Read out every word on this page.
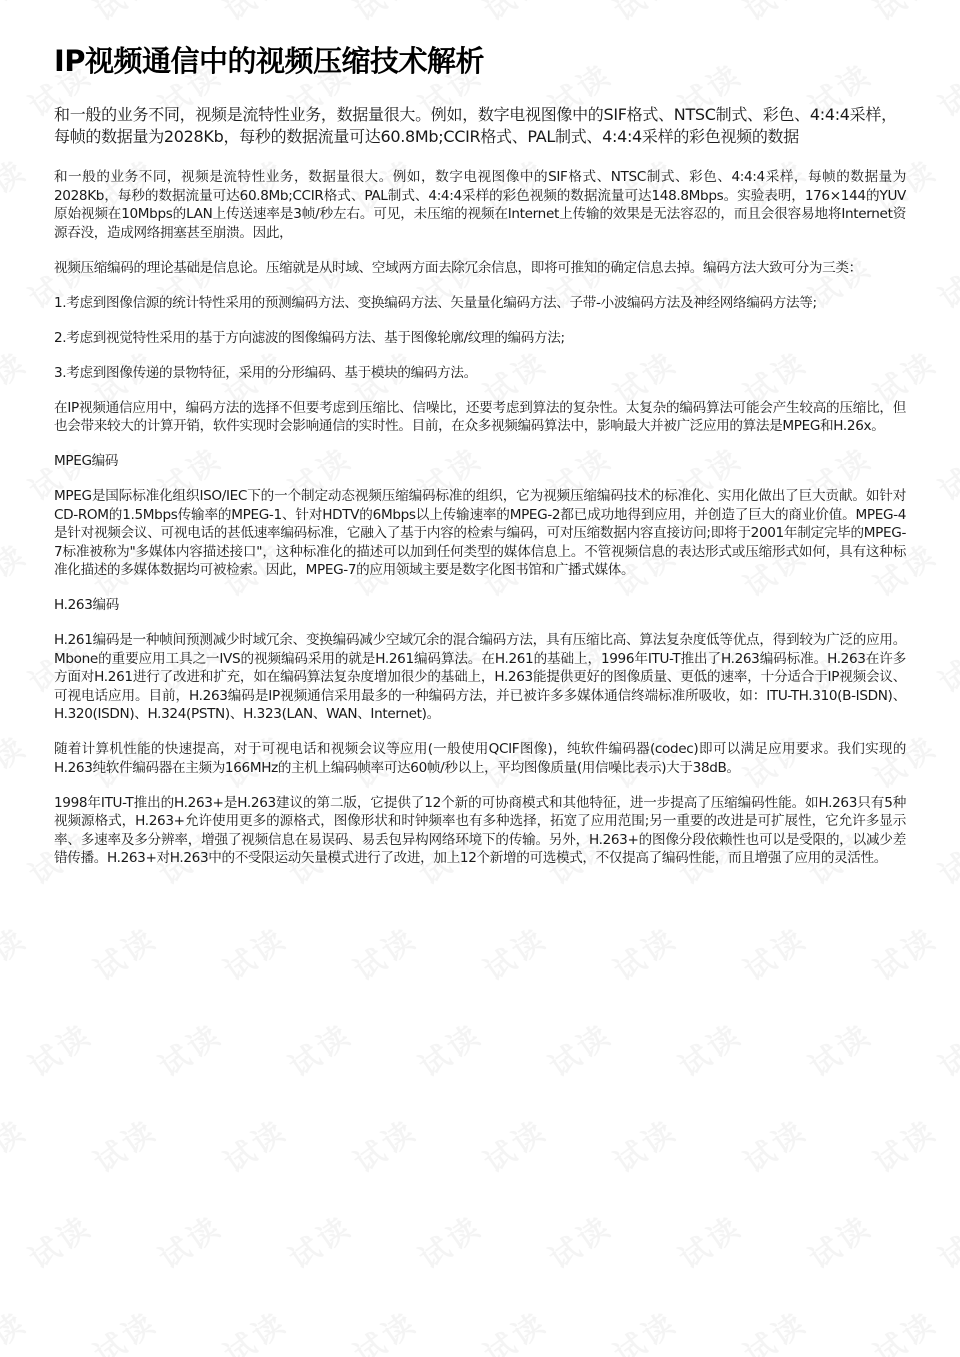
IP视频通信中的视频压缩技术解析

和一般的业务不同，视频是流特性业务，数据量很大。例如，数字电视图像中的SIF格式、NTSC制式、彩色、4:4:4采样，每帧的数据量为2028Kb，每秒的数据流量可达60.8Mb;CCIR格式、PAL制式、4:4:4采样的彩色视频的数据

和一般的业务不同，视频是流特性业务，数据量很大。例如，数字电视图像中的SIF格式、NTSC制式、彩色、4:4:4采样，每帧的数据量为2028Kb，每秒的数据流量可达60.8Mb;CCIR格式、PAL制式、4:4:4采样的彩色视频的数据流量可达148.8Mbps。实验表明，176×144的YUV原始视频在10Mbps的LAN上传送速率是3帧/秒左右。可见，未压缩的视频在Internet上传输的效果是无法容忍的，而且会很容易地将Internet资源吞没，造成网络拥塞甚至崩溃。因此，

视频压缩编码的理论基础是信息论。压缩就是从时域、空域两方面去除冗余信息，即将可推知的确定信息去掉。编码方法大致可分为三类：

1.考虑到图像信源的统计特性采用的预测编码方法、变换编码方法、矢量量化编码方法、子带-小波编码方法及神经网络编码方法等;

2.考虑到视觉特性采用的基于方向滤波的图像编码方法、基于图像轮廓/纹理的编码方法;

3.考虑到图像传递的景物特征，采用的分形编码、基于模块的编码方法。

在IP视频通信应用中，编码方法的选择不但要考虑到压缩比、信噪比，还要考虑到算法的复杂性。太复杂的编码算法可能会产生较高的压缩比，但也会带来较大的计算开销，软件实现时会影响通信的实时性。目前，在众多视频编码算法中，影响最大并被广泛应用的算法是MPEG和H.26x。

MPEG编码

MPEG是国际标准化组织ISO/IEC下的一个制定动态视频压缩编码标准的组织，它为视频压缩编码技术的标准化、实用化做出了巨大贡献。如针对CD-ROM的1.5Mbps传输率的MPEG-1、针对HDTV的6Mbps以上传输速率的MPEG-2都已成功地得到应用，并创造了巨大的商业价值。MPEG-4是针对视频会议、可视电话的甚低速率编码标准，它融入了基于内容的检索与编码，可对压缩数据内容直接访问;即将于2001年制定完毕的MPEG-7标准被称为"多媒体内容描述接口"，这种标准化的描述可以加到任何类型的媒体信息上。不管视频信息的表达形式或压缩形式如何，具有这种标准化描述的多媒体数据均可被检索。因此，MPEG-7的应用领域主要是数字化图书馆和广播式媒体。

H.263编码

H.261编码是一种帧间预测减少时域冗余、变换编码减少空域冗余的混合编码方法，具有压缩比高、算法复杂度低等优点，得到较为广泛的应用。Mbone的重要应用工具之一IVS的视频编码采用的就是H.261编码算法。在H.261的基础上，1996年ITU-T推出了H.263编码标准。H.263在许多方面对H.261进行了改进和扩充，如在编码算法复杂度增加很少的基础上，H.263能提供更好的图像质量、更低的速率，十分适合于IP视频会议、可视电话应用。目前，H.263编码是IP视频通信采用最多的一种编码方法，并已被许多多媒体通信终端标准所吸收，如：ITU-TH.310(B-ISDN)、H.320(ISDN)、H.324(PSTN)、H.323(LAN、WAN、Internet)。

随着计算机性能的快速提高，对于可视电话和视频会议等应用(一般使用QCIF图像)，纯软件编码器(codec)即可以满足应用要求。我们实现的H.263纯软件编码器在主频为166MHz的主机上编码帧率可达60帧/秒以上，平均图像质量(用信噪比表示)大于38dB。

1998年ITU-T推出的H.263+是H.263建议的第二版，它提供了12个新的可协商模式和其他特征，进一步提高了压缩编码性能。如H.263只有5种视频源格式，H.263+允许使用更多的源格式，图像形状和时钟频率也有多种选择，拓宽了应用范围;另一重要的改进是可扩展性，它允许多显示率、多速率及多分辨率，增强了视频信息在易误码、易丢包异构网络环境下的传输。另外，H.263+的图像分段依赖性也可以是受限的，以减少差错传播。H.263+对H.263中的不受限运动矢量模式进行了改进，加上12个新增的可选模式，不仅提高了编码性能，而且增强了应用的灵活性。
